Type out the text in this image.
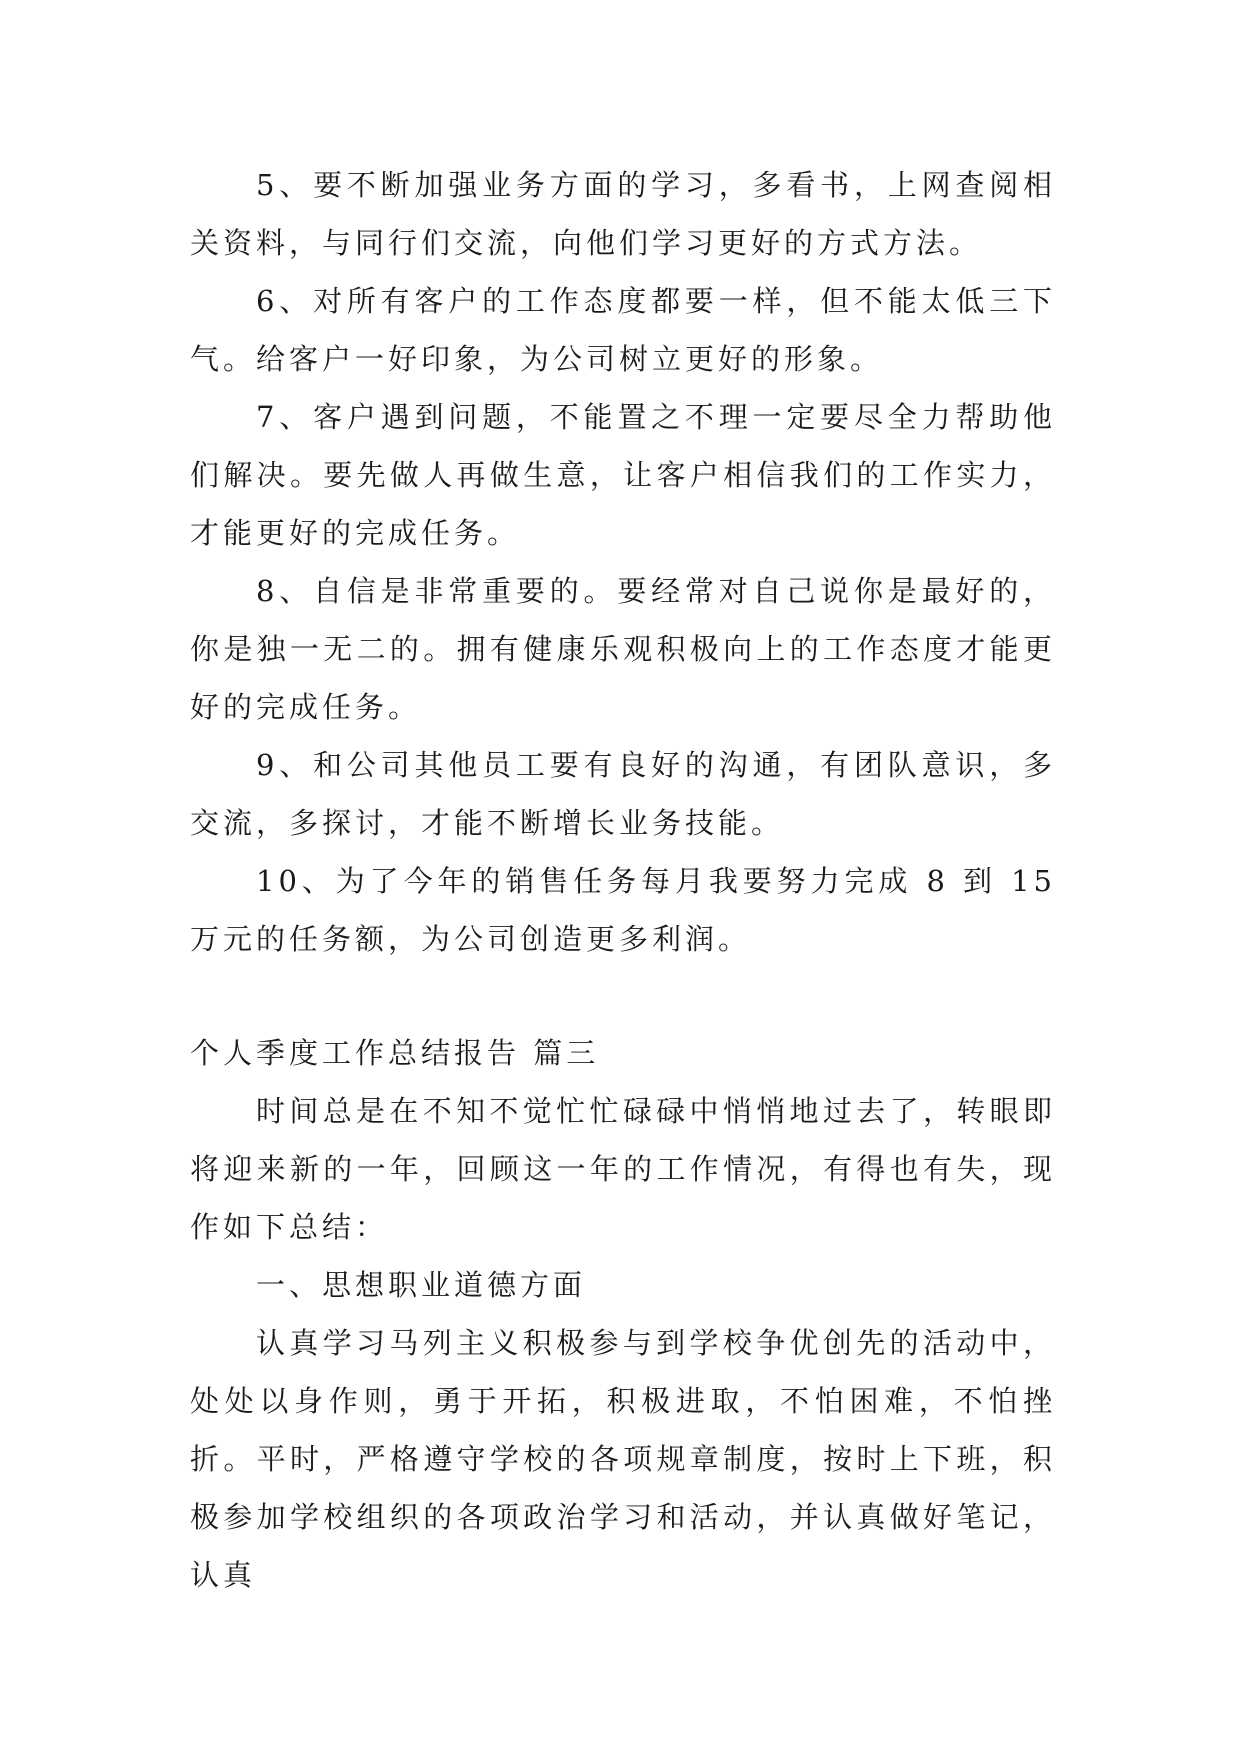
5、要不断加强业务方面的学习，多看书，上网查阅相关资料，与同行们交流，向他们学习更好的方式方法。

6、对所有客户的工作态度都要一样，但不能太低三下气。给客户一好印象，为公司树立更好的形象。

7、客户遇到问题，不能置之不理一定要尽全力帮助他们解决。要先做人再做生意，让客户相信我们的工作实力，才能更好的完成任务。

8、自信是非常重要的。要经常对自己说你是最好的，你是独一无二的。拥有健康乐观积极向上的工作态度才能更好的完成任务。

9、和公司其他员工要有良好的沟通，有团队意识，多交流，多探讨，才能不断增长业务技能。

10、为了今年的销售任务每月我要努力完成 8 到 15 万元的任务额，为公司创造更多利润。

个人季度工作总结报告 篇三

时间总是在不知不觉忙忙碌碌中悄悄地过去了，转眼即将迎来新的一年，回顾这一年的工作情况，有得也有失，现作如下总结：

一、思想职业道德方面

认真学习马列主义积极参与到学校争优创先的活动中，处处以身作则，勇于开拓，积极进取，不怕困难，不怕挫折。平时，严格遵守学校的各项规章制度，按时上下班，积极参加学校组织的各项政治学习和活动，并认真做好笔记，认真
